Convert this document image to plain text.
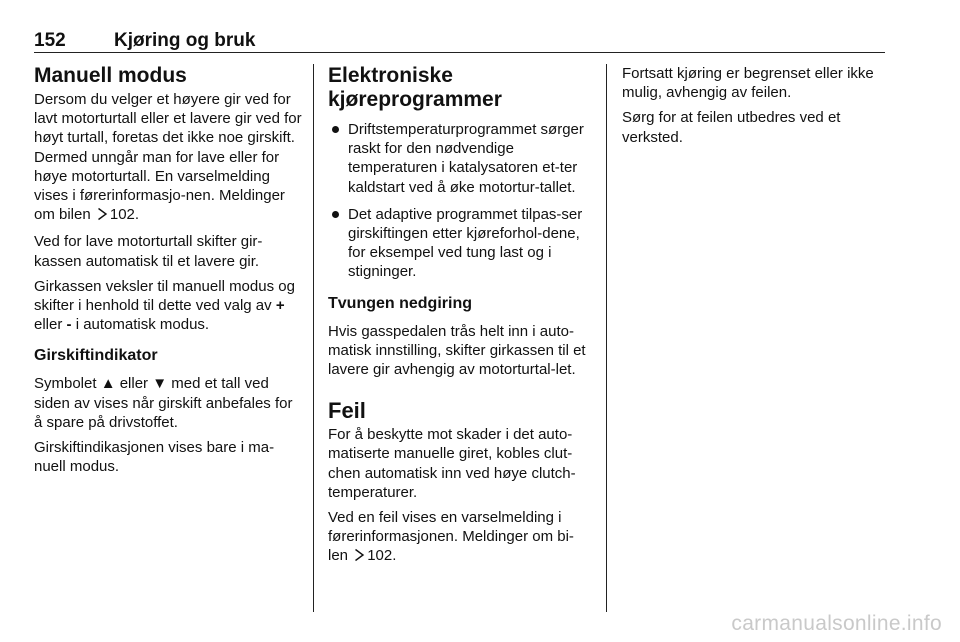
152	Kjøring og bruk
Manuell modus

Dersom du velger et høyere gir ved for lavt motorturtall eller et lavere gir ved for høyt turtall, foretas det ikke noe girskift. Dermed unngår man for lave eller for høye motorturtall. En varselmelding vises i førerinformasjo-nen. Meldinger om bilen 102.

Ved for lave motorturtall skifter gir-kassen automatisk til et lavere gir.

Girkassen veksler til manuell modus og skifter i henhold til dette ved valg av + eller - i automatisk modus.

Girskiftindikator

Symbolet ▲ eller ▼ med et tall ved siden av vises når girskift anbefales for å spare på drivstoffet.

Girskiftindikasjonen vises bare i ma-nuell modus.

Elektroniske
kjøreprogrammer
Driftstemperaturprogrammet sørger raskt for den nødvendige temperaturen i katalysatoren et-ter kaldstart ved å øke motortur-tallet.
Det adaptive programmet tilpas-ser girskiftingen etter kjøreforhol-dene, for eksempel ved tung last og i stigninger.
Tvungen nedgiring

Hvis gasspedalen trås helt inn i auto-matisk innstilling, skifter girkassen til et lavere gir avhengig av motorturtal-let.

Feil

For å beskytte mot skader i det auto-matiserte manuelle giret, kobles clut-chen automatisk inn ved høye clutch-temperaturer.

Ved en feil vises en varselmelding i førerinformasjonen. Meldinger om bi-len 102.

Fortsatt kjøring er begrenset eller ikke mulig, avhengig av feilen.

Sørg for at feilen utbedres ved et verksted.

carmanualsonline.info
